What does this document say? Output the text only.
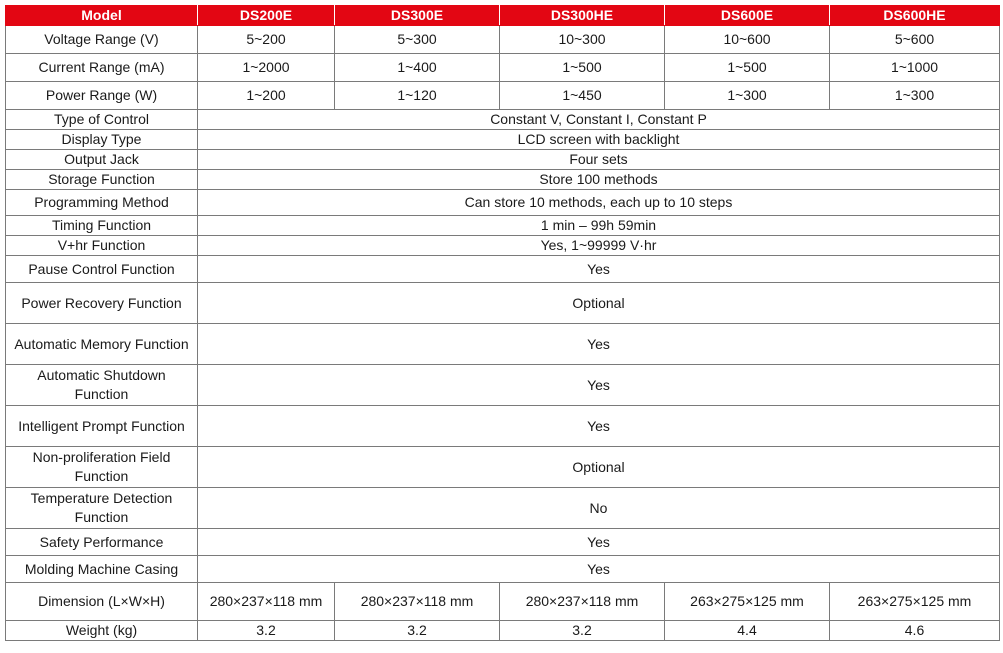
Model	DS200E	DS300E	DS300HE	DS600E	DS600HE
Voltage Range (V)	5~200	5~300	10~300	10~600	5~600
Current Range (mA)	1~2000	1~400	1~500	1~500	1~1000
Power Range (W)	1~200	1~120	1~450	1~300	1~300
Type of Control	Constant V, Constant I, Constant P				
Display Type	LCD screen with backlight				
Output Jack	Four sets				
Storage Function	Store 100 methods				
Programming Method	Can store 10 methods, each up to 10 steps				
Timing Function	1 min – 99h 59min				
V+hr Function	Yes, 1~99999 V·hr				
Pause Control Function	Yes				
Power Recovery Function	Optional				
Automatic Memory Function	Yes				
Automatic Shutdown Function	Yes				
Intelligent Prompt Function	Yes				
Non-proliferation Field Function	Optional				
Temperature Detection Function	No				
Safety Performance	Yes				
Molding Machine Casing	Yes				
Dimension (L×W×H)	280×237×118 mm	280×237×118 mm	280×237×118 mm	263×275×125 mm	263×275×125 mm
Weight (kg)	3.2	3.2	3.2	4.4	4.6
